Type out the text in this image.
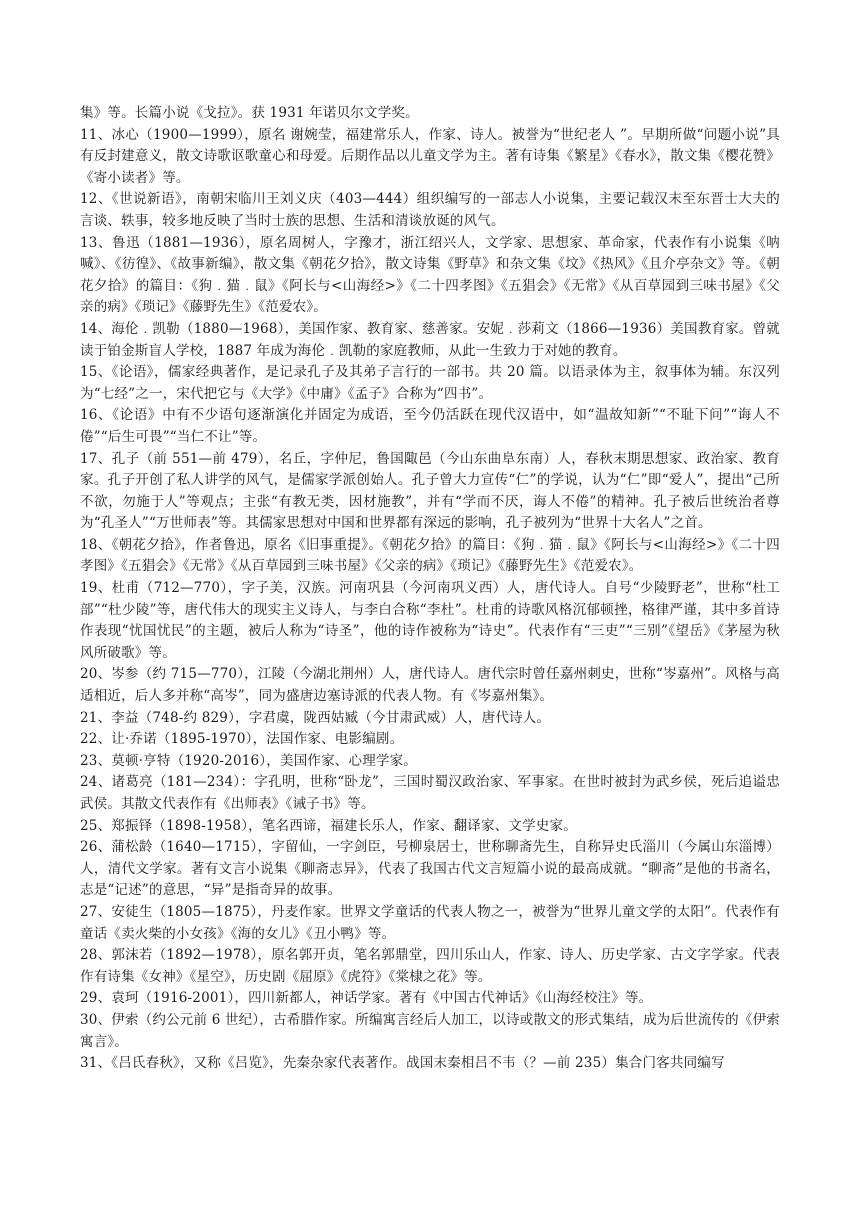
集》等。长篇小说《戈拉》。获 1931 年诺贝尔文学奖。

11、冰心（1900—1999），原名 谢婉莹，福建常乐人，作家、诗人。被誉为“世纪老人 ”。早期所做“问题小说”具有反封建意义，散文诗歌讴歌童心和母爱。后期作品以儿童文学为主。著有诗集《繁星》《春水》，散文集《樱花赞》《寄小读者》等。

12、《世说新语》，南朝宋临川王刘义庆（403—444）组织编写的一部志人小说集，主要记载汉末至东晋士大夫的言谈、轶事，较多地反映了当时士族的思想、生活和清谈放诞的风气。

13、鲁迅（1881—1936），原名周树人，字豫才，浙江绍兴人，文学家、思想家、革命家，代表作有小说集《呐喊》、《彷徨》、《故事新编》，散文集《朝花夕拾》，散文诗集《野草》和杂文集《坟》《热风》《且介亭杂文》等。《朝花夕拾》的篇目：《狗﹒猫﹒鼠》《阿长与<山海经>》《二十四孝图》《五猖会》《无常》《从百草园到三味书屋》《父亲的病》《琐记》《藤野先生》《范爱农》。

14、海伦﹒凯勒（1880—1968），美国作家、教育家、慈善家。安妮﹒莎莉文（1866—1936）美国教育家。曾就读于铂金斯盲人学校，1887 年成为海伦﹒凯勒的家庭教师，从此一生致力于对她的教育。

15、《论语》，儒家经典著作，是记录孔子及其弟子言行的一部书。共 20 篇。以语录体为主，叙事体为辅。东汉列为“七经”之一，宋代把它与《大学》《中庸》《孟子》合称为“四书”。

16、《论语》中有不少语句逐渐演化并固定为成语，至今仍活跃在现代汉语中，如“温故知新”“不耻下问”“诲人不倦”“后生可畏”“当仁不让”等。

17、孔子（前 551—前 479），名丘，字仲尼，鲁国陬邑（今山东曲阜东南）人，春秋末期思想家、政治家、教育家。孔子开创了私人讲学的风气，是儒家学派创始人。孔子曾大力宣传“仁”的学说，认为“仁”即“爱人”，提出“己所不欲，勿施于人”等观点；主张“有教无类，因材施教”，并有“学而不厌，诲人不倦”的精神。孔子被后世统治者尊为“孔圣人”“万世师表”等。其儒家思想对中国和世界都有深远的影响，孔子被列为“世界十大名人”之首。

18、《朝花夕拾》，作者鲁迅，原名《旧事重提》。《朝花夕拾》的篇目：《狗﹒猫﹒鼠》《阿长与<山海经>》《二十四孝图》《五猖会》《无常》《从百草园到三味书屋》《父亲的病》《琐记》《藤野先生》《范爱农》。

19、杜甫（712—770），字子美，汉族。河南巩县（今河南巩义西）人，唐代诗人。自号“少陵野老”，世称“杜工部”“杜少陵”等，唐代伟大的现实主义诗人，与李白合称“李杜”。杜甫的诗歌风格沉郁顿挫，格律严谨，其中多首诗作表现“忧国忧民”的主题，被后人称为“诗圣”，他的诗作被称为“诗史”。代表作有“三吏”“三别”《望岳》《茅屋为秋风所破歌》等。

20、岑参（约 715—770），江陵（今湖北荆州）人，唐代诗人。唐代宗时曾任嘉州刺史，世称“岑嘉州”。风格与高适相近，后人多并称“高岑”，同为盛唐边塞诗派的代表人物。有《岑嘉州集》。

21、李益（748-约 829），字君虞，陇西姑臧（今甘肃武威）人，唐代诗人。

22、让·乔诺（1895-1970），法国作家、电影编剧。

23、莫顿·亨特（1920-2016），美国作家、心理学家。

24、诸葛亮（181—234）：字孔明，世称“卧龙”，三国时蜀汉政治家、军事家。在世时被封为武乡侯，死后追谥忠武侯。其散文代表作有《出师表》《诫子书》等。

25、郑振铎（1898-1958），笔名西谛，福建长乐人，作家、翻译家、文学史家。

26、蒲松龄（1640—1715），字留仙，一字剑臣，号柳泉居士，世称聊斋先生，自称异史氏淄川（今属山东淄博）人，清代文学家。著有文言小说集《聊斋志异》，代表了我国古代文言短篇小说的最高成就。“聊斋”是他的书斋名，志是“记述”的意思，“异”是指奇异的故事。

27、安徒生（1805—1875），丹麦作家。世界文学童话的代表人物之一，被誉为“世界儿童文学的太阳”。代表作有童话《卖火柴的小女孩》《海的女儿》《丑小鸭》等。

28、郭沫若（1892—1978），原名郭开贞，笔名郭鼎堂，四川乐山人，作家、诗人、历史学家、古文字学家。代表作有诗集《女神》《星空》，历史剧《屈原》《虎符》《棠棣之花》等。

29、袁珂（1916-2001），四川新都人，神话学家。著有《中国古代神话》《山海经校注》等。

30、伊索（约公元前 6 世纪），古希腊作家。所编寓言经后人加工，以诗或散文的形式集结，成为后世流传的《伊索寓言》。

31、《吕氏春秋》，又称《吕览》，先秦杂家代表著作。战国末秦相吕不韦（？—前 235）集合门客共同编写
